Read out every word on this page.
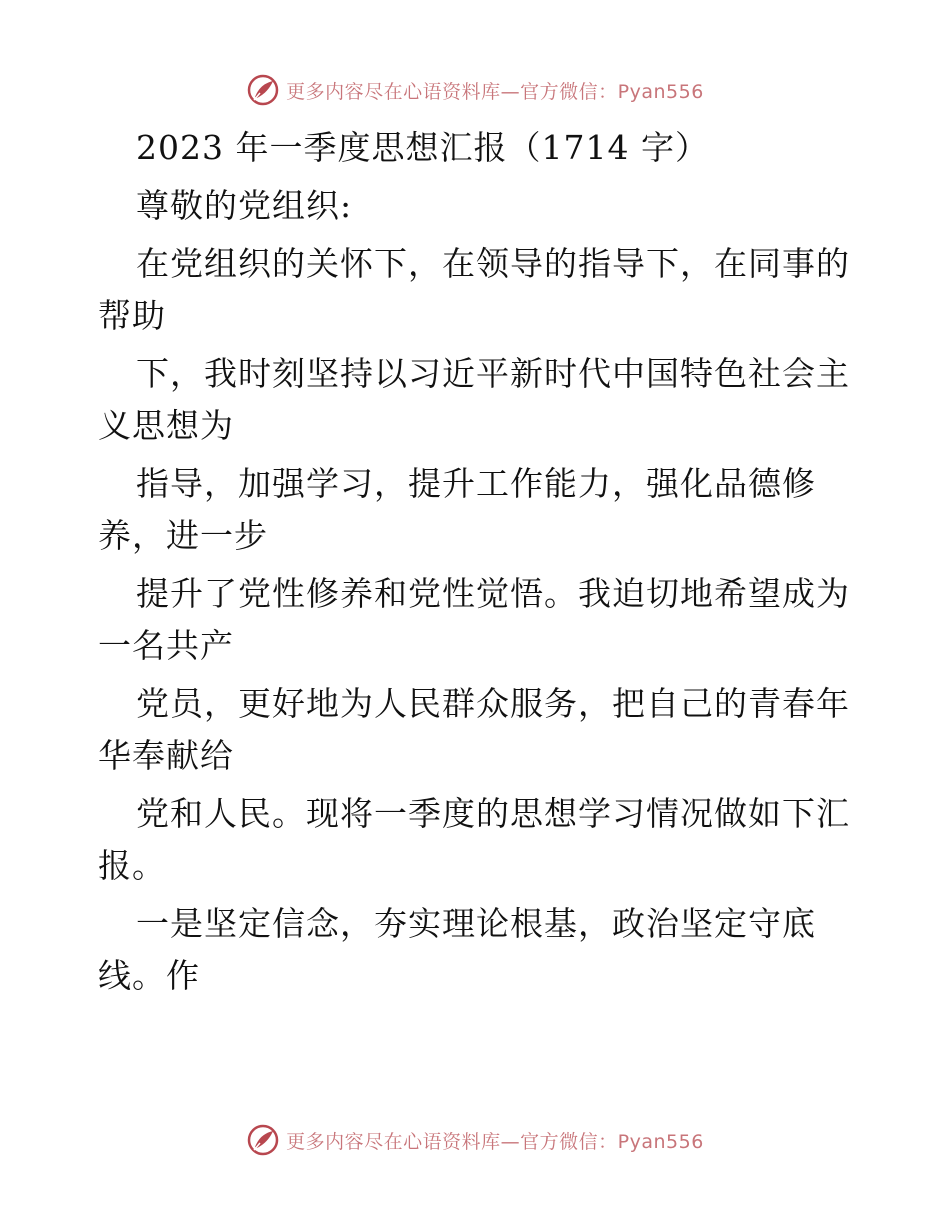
更多内容尽在心语资料库—官方微信：Pyan556
2023 年一季度思想汇报（1714 字）
尊敬的党组织:
在党组织的关怀下，在领导的指导下，在同事的
帮助
下，我时刻坚持以习近平新时代中国特色社会主
义思想为
指导，加强学习，提升工作能力，强化品德修
养，进一步
提升了党性修养和党性觉悟。我迫切地希望成为
一名共产
党员，更好地为人民群众服务，把自己的青春年
华奉献给
党和人民。现将一季度的思想学习情况做如下汇
报。
一是坚定信念，夯实理论根基，政治坚定守底
线。作
更多内容尽在心语资料库—官方微信：Pyan556
